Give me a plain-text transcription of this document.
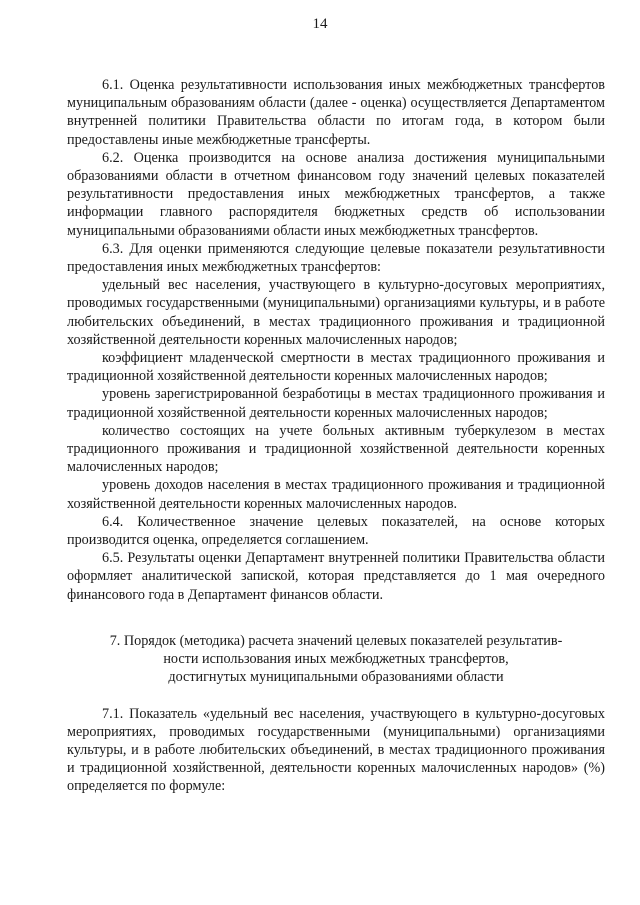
14

6.1. Оценка результативности использования иных межбюджетных трансфертов муниципальным образованиям области (далее - оценка) осуществляется Департаментом внутренней политики Правительства области по итогам года, в котором были предоставлены иные межбюджетные трансферты.

6.2. Оценка производится на основе анализа достижения муниципальными образованиями области в отчетном финансовом году значений целевых показателей результативности предоставления иных межбюджетных трансфертов, а также информации главного распорядителя бюджетных средств об использовании муниципальными образованиями области иных межбюджетных трансфертов.

6.3. Для оценки применяются следующие целевые показатели результативности предоставления иных межбюджетных трансфертов:

удельный вес населения, участвующего в культурно-досуговых мероприятиях, проводимых государственными (муниципальными) организациями культуры, и в работе любительских объединений, в местах традиционного проживания и традиционной хозяйственной деятельности коренных малочисленных народов;

коэффициент младенческой смертности в местах традиционного проживания и традиционной хозяйственной деятельности коренных малочисленных народов;

уровень зарегистрированной безработицы в местах традиционного проживания и традиционной хозяйственной деятельности коренных малочисленных народов;

количество состоящих на учете больных активным туберкулезом в местах традиционного проживания и традиционной хозяйственной деятельности коренных малочисленных народов;

уровень доходов населения в местах традиционного проживания и традиционной хозяйственной деятельности коренных малочисленных народов.

6.4. Количественное значение целевых показателей, на основе которых производится оценка, определяется соглашением.

6.5. Результаты оценки Департамент внутренней политики Правительства области оформляет аналитической запиской, которая представляется до 1 мая очередного финансового года в Департамент финансов области.

7. Порядок (методика) расчета значений целевых показателей результатив-
ности использования иных межбюджетных трансфертов,
достигнутых муниципальными образованиями области

7.1. Показатель «удельный вес населения, участвующего в культурно-досуговых мероприятиях, проводимых государственными (муниципальными) организациями культуры, и в работе любительских объединений, в местах традиционного проживания и традиционной хозяйственной, деятельности коренных малочисленных народов» (%) определяется по формуле:
